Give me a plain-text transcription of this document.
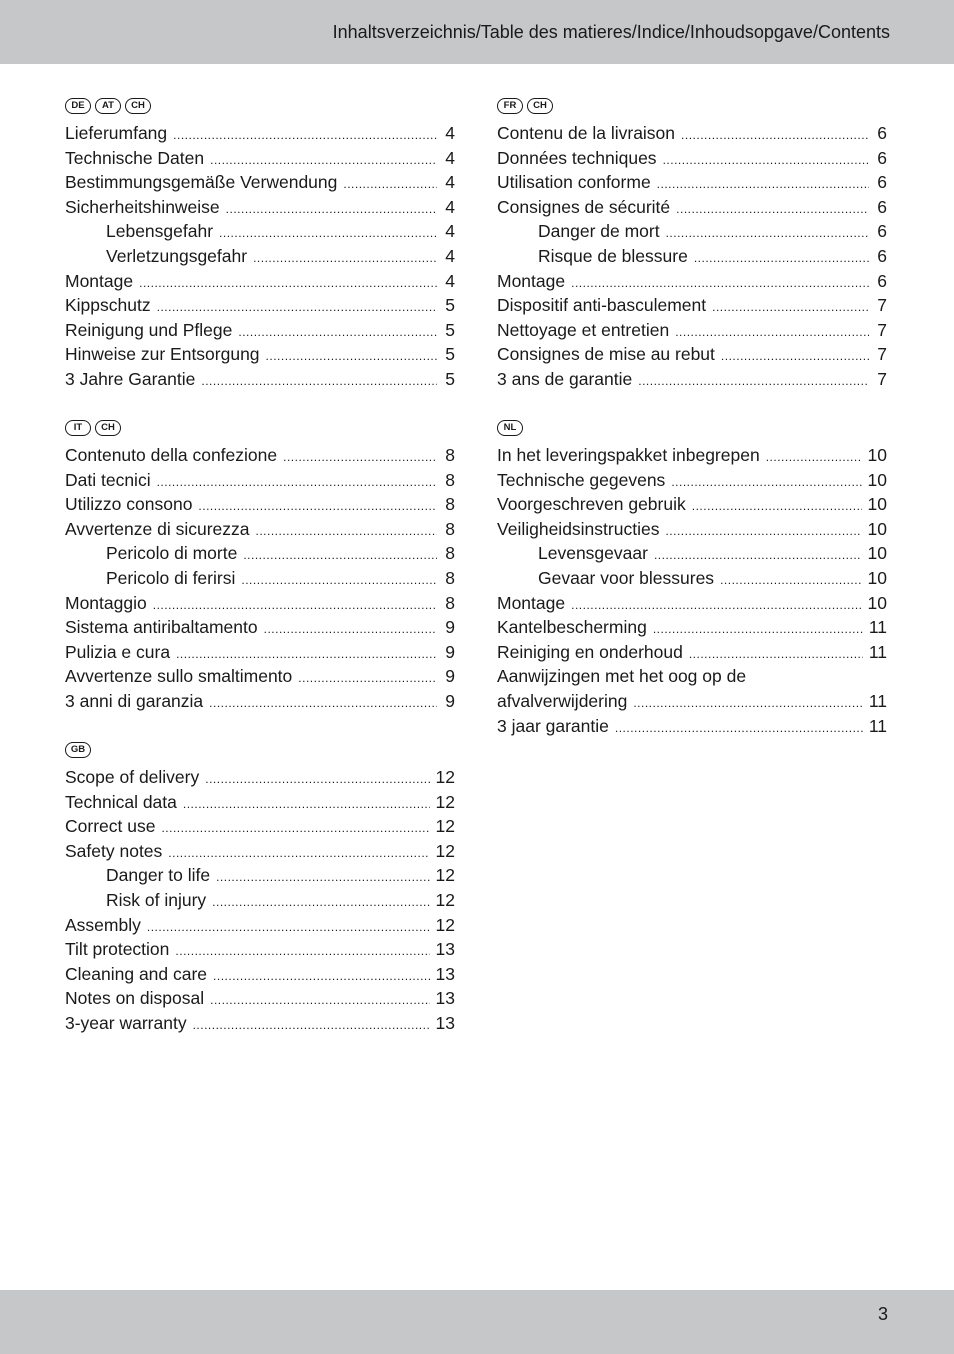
Inhaltsverzeichnis/Table des matieres/Indice/Inhoudsopgave/Contents
DE	AT	CH
Lieferumfang .....	4
Technische Daten .....	4
Bestimmungsgemäße Verwendung .....	4
Sicherheitshinweise .....	4
Lebensgefahr .....	4
Verletzungsgefahr .....	4
Montage .....	4
Kippschutz .....	5
Reinigung und Pflege .....	5
Hinweise zur Entsorgung .....	5
3 Jahre Garantie .....	5
FR	CH
Contenu de la livraison .....	6
Données techniques .....	6
Utilisation conforme .....	6
Consignes de sécurité .....	6
Danger de mort .....	6
Risque de blessure .....	6
Montage .....	6
Dispositif anti-basculement .....	7
Nettoyage et entretien .....	7
Consignes de mise au rebut .....	7
3 ans de garantie .....	7
IT	CH
Contenuto della confezione .....	8
Dati tecnici .....	8
Utilizzo consono .....	8
Avvertenze di sicurezza .....	8
Pericolo di morte .....	8
Pericolo di ferirsi .....	8
Montaggio .....	8
Sistema antiribaltamento .....	9
Pulizia e cura .....	9
Avvertenze sullo smaltimento .....	9
3 anni di garanzia .....	9
NL
In het leveringspakket inbegrepen .....	10
Technische gegevens .....	10
Voorgeschreven gebruik .....	10
Veiligheidsinstructies .....	10
Levensgevaar .....	10
Gevaar voor blessures .....	10
Montage .....	10
Kantelbescherming .....	11
Reiniging en onderhoud .....	11
Aanwijzingen met het oog op de
afvalverwijdering .....	11
3 jaar garantie .....	11
GB
Scope of delivery .....	12
Technical data .....	12
Correct use .....	12
Safety notes .....	12
Danger to life .....	12
Risk of injury .....	12
Assembly .....	12
Tilt protection .....	13
Cleaning and care .....	13
Notes on disposal .....	13
3-year warranty .....	13
3
